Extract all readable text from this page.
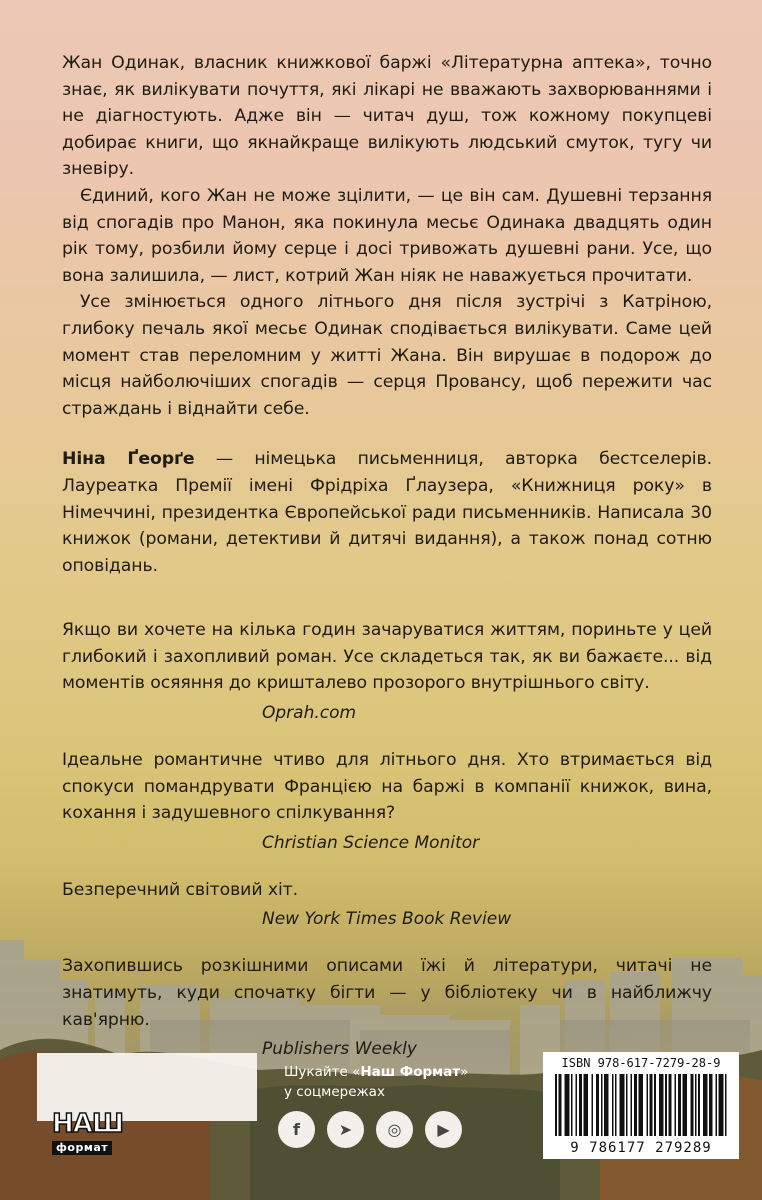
Жан Одинак, власник книжкової баржі «Літературна аптека», точно знає, як вилікувати почуття, які лікарі не вважають захворюваннями і не діагностують. Адже він — читач душ, тож кожному покупцеві добирає книги, що якнайкраще вилікують людський смуток, тугу чи зневіру.

Єдиний, кого Жан не може зцілити, — це він сам. Душевні терзання від спогадів про Манон, яка покинула месьє Одинака двадцять один рік тому, розбили йому серце і досі тривожать душевні рани. Усе, що вона залишила, — лист, котрий Жан ніяк не наважується прочитати.

Усе змінюється одного літнього дня після зустрічі з Катріною, глибоку печаль якої месьє Одинак сподівається вилікувати. Саме цей момент став переломним у житті Жана. Він вирушає в подорож до місця найболючіших спогадів — серця Провансу, щоб пережити час страждань і віднайти себе.

Ніна Ґеорґе — німецька письменниця, авторка бестселерів. Лауреатка Премії імені Фрідріха Ґлаузера, «Книжниця року» в Німеччині, президентка Європейської ради письменників. Написала 30 книжок (романи, детективи й дитячі видання), а також понад сотню оповідань.

Якщо ви хочете на кілька годин зачаруватися життям, пориньте у цей глибокий і захопливий роман. Усе складеться так, як ви бажаєте... від моментів осяяння до кришталево прозорого внутрішнього світу.

Oprah.com

Ідеальне романтичне чтиво для літнього дня. Хто втримається від спокуси помандрувати Францією на баржі в компанії книжок, вина, кохання і задушевного спілкування?

Christian Science Monitor

Безперечний світовий хіт.

New York Times Book Review

Захопившись розкішними описами їжі й літератури, читачі не знатимуть, куди спочатку бігти — у бібліотеку чи в найближчу кав'ярню.

Publishers Weekly
НАШ
формат
Шукайте «Наш Формат»
у соцмережах
f ➤ ◎ ▶
ISBN 978-617-7279-28-9
9 786177 279289
